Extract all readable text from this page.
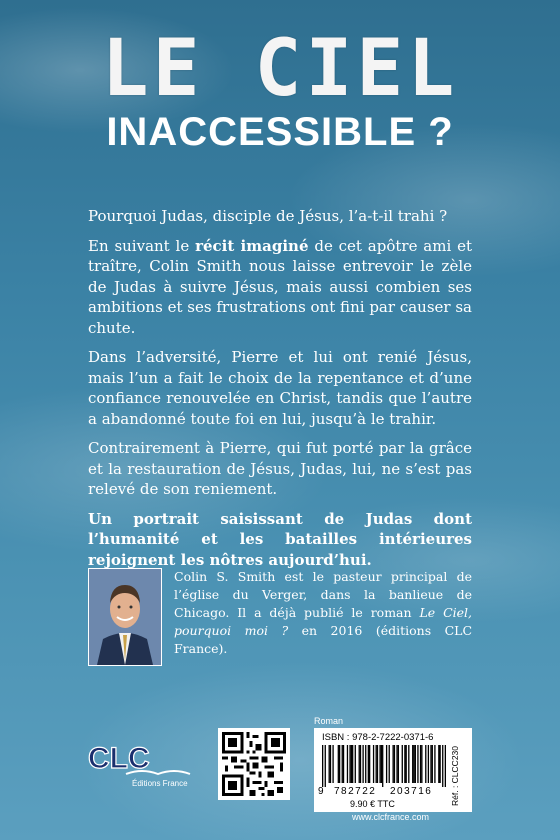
LE CIEL
INACCESSIBLE ?

Pourquoi Judas, disciple de Jésus, l’a-t-il trahi ?

En suivant le récit imaginé de cet apôtre ami et traître, Colin Smith nous laisse entrevoir le zèle de Judas à suivre Jésus, mais aussi combien ses ambitions et ses frustrations ont fini par causer sa chute.

Dans l’adversité, Pierre et lui ont renié Jésus, mais l’un a fait le choix de la repentance et d’une confiance renouvelée en Christ, tandis que l’autre a abandonné toute foi en lui, jusqu’à le trahir.

Contrairement à Pierre, qui fut porté par la grâce et la restauration de Jésus, Judas, lui, ne s’est pas relevé de son reniement.

Un portrait saisissant de Judas dont l’humanité et les batailles intérieures rejoignent les nôtres aujourd’hui.

Colin S. Smith est le pasteur principal de l’église du Verger, dans la banlieue de Chicago. Il a déjà publié le roman Le Ciel, pourquoi moi ? en 2016 (éditions CLC France).
CLC
Éditions France
Roman
ISBN : 978-2-7222-0371-6
9 782722 203716
9.90 € TTC	Réf. : CLCC230
www.clcfrance.com
